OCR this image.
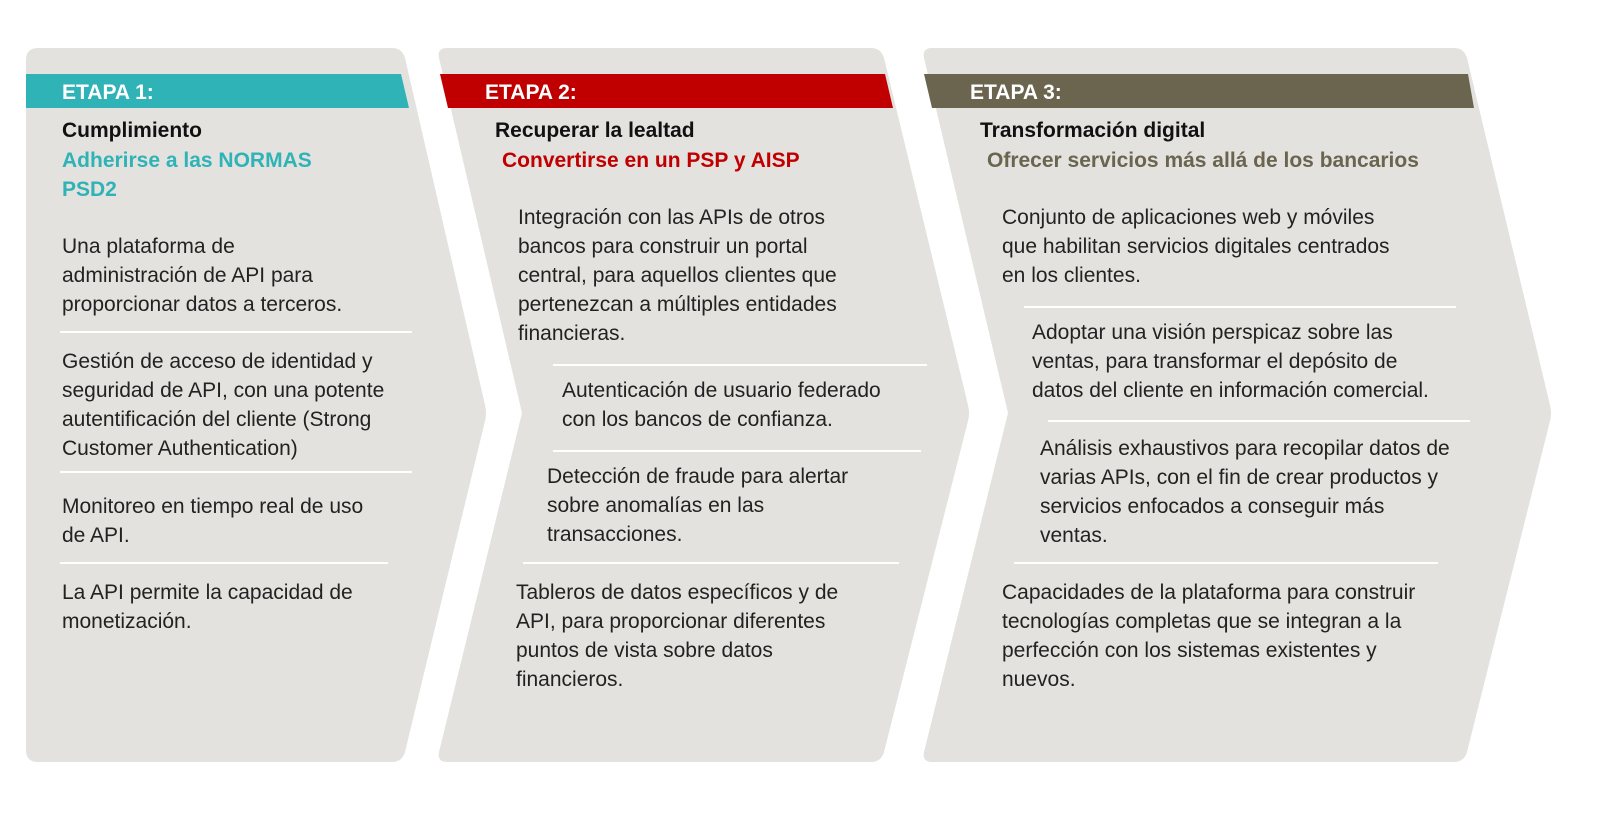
ETAPA 1:
Cumplimiento
Adherirse a las NORMAS
PSD2
Una plataforma de
administración de API para
proporcionar datos a terceros.
Gestión de acceso de identidad y
seguridad de API, con una potente
autentificación del cliente (Strong
Customer Authentication)
Monitoreo en tiempo real de uso
de API.
La API permite la capacidad de
monetización.
ETAPA 2:
Recuperar la lealtad
Convertirse en un PSP y AISP
Integración con las APIs de otros
bancos para construir un portal
central, para aquellos clientes que
pertenezcan a múltiples entidades
financieras.
Autenticación de usuario federado
con los bancos de confianza.
Detección de fraude para alertar
sobre anomalías en las
transacciones.
Tableros de datos específicos y de
API, para proporcionar diferentes
puntos de vista sobre datos
financieros.
ETAPA 3:
Transformación digital
Ofrecer servicios más allá de los bancarios
Conjunto de aplicaciones web y móviles
que habilitan servicios digitales centrados
en los clientes.
Adoptar una visión perspicaz sobre las
ventas, para transformar el depósito de
datos del cliente en información comercial.
Análisis exhaustivos para recopilar datos de
varias APIs, con el fin de crear productos y
servicios enfocados a conseguir más
ventas.
Capacidades de la plataforma para construir
tecnologías completas que se integran a la
perfección con los sistemas existentes y
nuevos.
